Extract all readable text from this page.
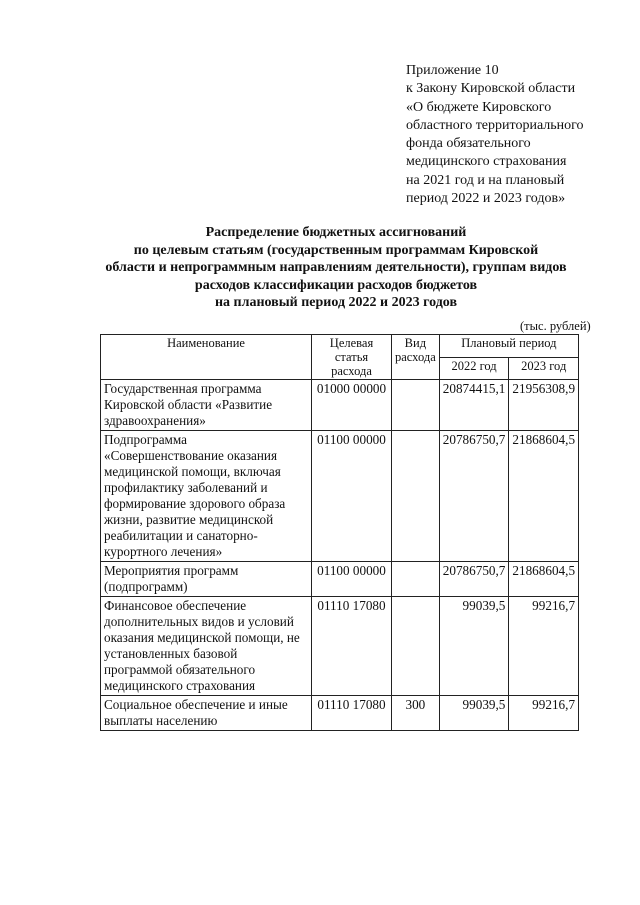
Приложение 10
к Закону Кировской области
«О бюджете Кировского
областного территориального
фонда обязательного
медицинского страхования
на 2021 год и на плановый
период 2022 и 2023 годов»
Распределение бюджетных ассигнований
по целевым статьям (государственным программам Кировской
области и непрограммным направлениям деятельности), группам видов
расходов классификации расходов бюджетов
на плановый период 2022 и 2023 годов
(тыс. рублей)
Наименование	Целевая статья расхода	Вид расхода	Плановый период	
			2022 год	2023 год
Государственная программа Кировской области «Развитие здравоохранения»	01000 00000		20874415,1	21956308,9
Подпрограмма «Совершенствование оказания медицинской помощи, включая профилактику заболеваний и формирование здорового образа жизни, развитие медицинской реабилитации и санаторно-курортного лечения»	01100 00000		20786750,7	21868604,5
Мероприятия программ (подпрограмм)	01100 00000		20786750,7	21868604,5
Финансовое обеспечение дополнительных видов и условий оказания медицинской помощи, не установленных базовой программой обязательного медицинского страхования	01110 17080		99039,5	99216,7
Социальное обеспечение и иные выплаты населению	01110 17080	300	99039,5	99216,7
